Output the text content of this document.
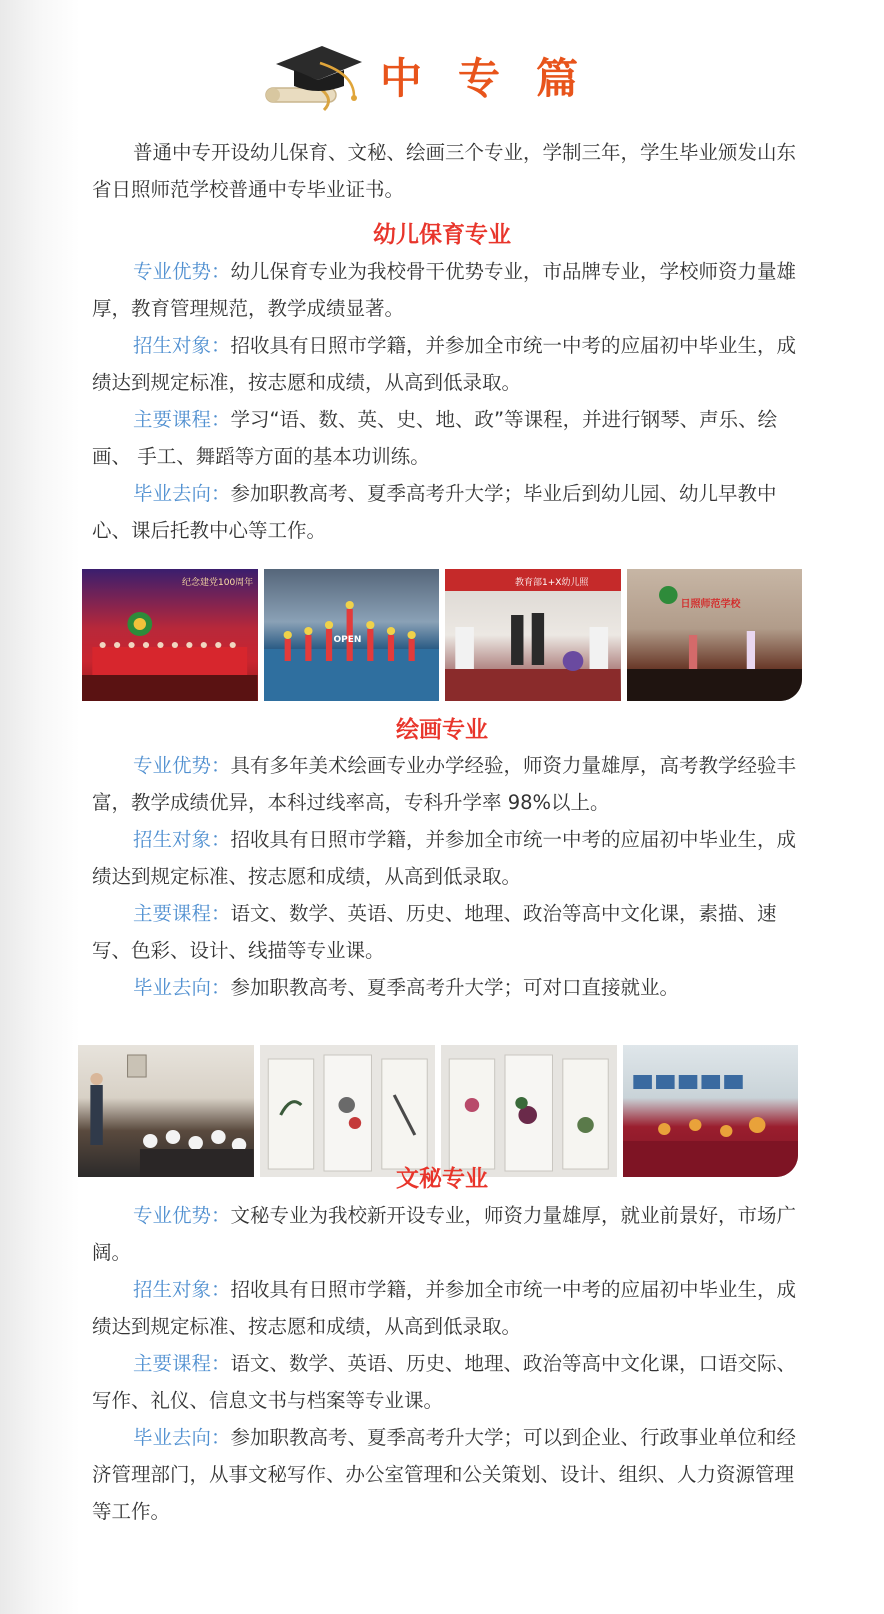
中专篇

普通中专开设幼儿保育、文秘、绘画三个专业，学制三年，学生毕业颁发山东省日照师范学校普通中专毕业证书。

幼儿保育专业

专业优势：幼儿保育专业为我校骨干优势专业，市品牌专业，学校师资力量雄厚，教育管理规范，教学成绩显著。

招生对象：招收具有日照市学籍，并参加全市统一中考的应届初中毕业生，成绩达到规定标准，按志愿和成绩，从高到低录取。

主要课程：学习“语、数、英、史、地、政”等课程，并进行钢琴、声乐、绘画、 手工、舞蹈等方面的基本功训练。

毕业去向：参加职教高考、夏季高考升大学；毕业后到幼儿园、幼儿早教中心、课后托教中心等工作。

纪念建党100周年
OPEN
教育部1+X幼儿照
日照师范学校
绘画专业

专业优势：具有多年美术绘画专业办学经验，师资力量雄厚，高考教学经验丰富，教学成绩优异，本科过线率高，专科升学率 98%以上。

招生对象：招收具有日照市学籍，并参加全市统一中考的应届初中毕业生，成绩达到规定标准、按志愿和成绩，从高到低录取。

主要课程：语文、数学、英语、历史、地理、政治等高中文化课，素描、速写、色彩、设计、线描等专业课。

毕业去向：参加职教高考、夏季高考升大学；可对口直接就业。

文秘专业

专业优势：文秘专业为我校新开设专业，师资力量雄厚，就业前景好，市场广阔。

招生对象：招收具有日照市学籍，并参加全市统一中考的应届初中毕业生，成绩达到规定标准、按志愿和成绩，从高到低录取。

主要课程：语文、数学、英语、历史、地理、政治等高中文化课，口语交际、写作、礼仪、信息文书与档案等专业课。

毕业去向：参加职教高考、夏季高考升大学；可以到企业、行政事业单位和经济管理部门，从事文秘写作、办公室管理和公关策划、设计、组织、人力资源管理等工作。
